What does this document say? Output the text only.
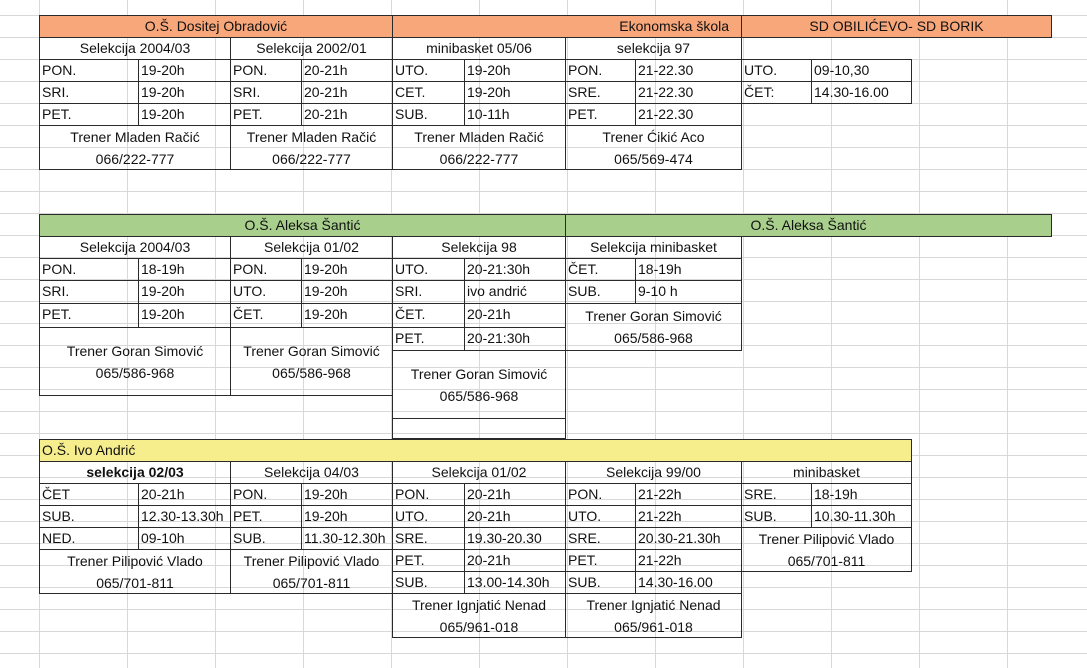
O.Š. Dositej Obradović	Ekonomska škola	SD OBILIĆEVO- SD BORIK
Selekcija 2004/03
PON.	19-20h
SRI.	19-20h
PET.	19-20h
Trener Mladen Račić
066/222-777
Selekcija 2002/01
PON.	20-21h
SRI.	20-21h
PET.	20-21h
Trener Mladen Račić
066/222-777
minibasket 05/06
UTO.	19-20h
CET.	19-20h
SUB.	10-11h
Trener Mladen Račić
066/222-777
selekcija 97
PON.	21-22.30
SRE.	21-22.30
PET.	21-22.30
Trener Ćikić Aco
065/569-474
UTO.	09-10,30
ČET:	14.30-16.00
O.Š. Aleksa Šantić	O.Š. Aleksa Šantić
Selekcija 2004/03
PON.	18-19h
SRI.	19-20h
PET.	19-20h
Trener Goran Simović
065/586-968
Selekcija 01/02
PON.	19-20h
UTO.	19-20h
ČET.	19-20h
Trener Goran Simović
065/586-968
Selekcija 98
UTO.	20-21:30h
SRI.	ivo andrić
ČET.	20-21h
PET.	20-21:30h
Trener Goran Simović
065/586-968
Selekcija minibasket
ČET.	18-19h
SUB.	9-10 h
Trener Goran Simović
065/586-968
O.Š. Ivo Andrić
selekcija 02/03
ČET	20-21h
SUB.	12.30-13.30h
NED.	09-10h
Trener Pilipović Vlado
065/701-811
Selekcija 04/03
PON.	19-20h
PET.	19-20h
SUB.	11.30-12.30h
Trener Pilipović Vlado
065/701-811
Selekcija 01/02
PON.	20-21h
UTO.	20-21h
SRE.	19.30-20.30
PET.	20-21h
SUB.	13.00-14.30h
Trener Ignjatić Nenad
065/961-018
Selekcija 99/00
PON.	21-22h
UTO.	21-22h
SRE.	20.30-21.30h
PET.	21-22h
SUB.	14.30-16.00
Trener Ignjatić Nenad
065/961-018
minibasket
SRE.	18-19h
SUB.	10.30-11.30h
Trener Pilipović Vlado
065/701-811
